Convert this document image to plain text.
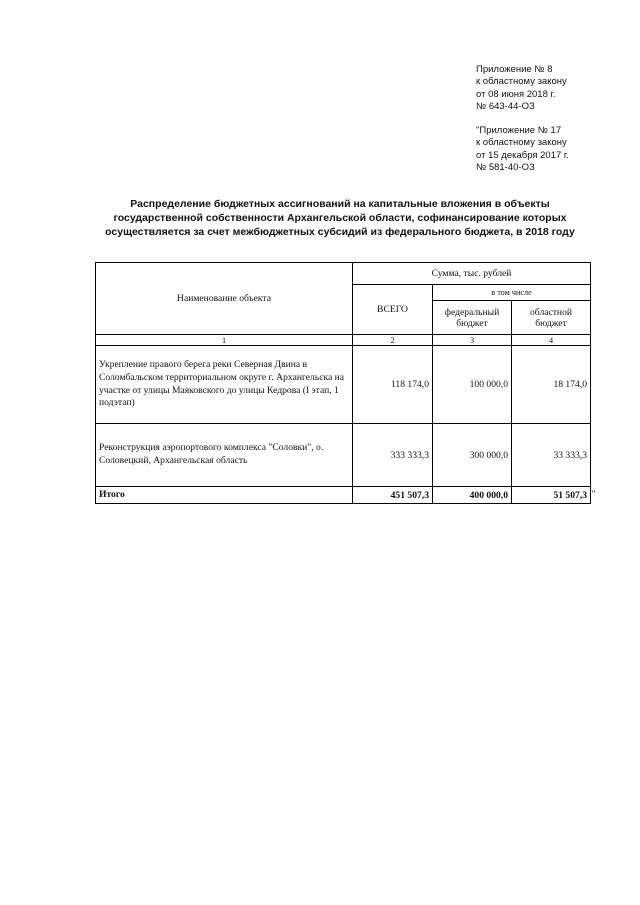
Приложение № 8
к областному закону
от 08 июня 2018 г.
№ 643-44-ОЗ
"Приложение № 17
к областному закону
от 15 декабря 2017 г.
№ 581-40-ОЗ
Распределение бюджетных ассигнований на капитальные вложения в объекты
государственной собственности Архангельской области, софинансирование которых
осуществляется за счет межбюджетных субсидий из федерального бюджета, в 2018 году
Наименование объекта	Сумма, тыс. рублей		
	ВСЕГО	в том числе	
		федеральный бюджет	областной бюджет
1	2	3	4
Укрепление правого берега реки Северная Двина в Соломбальском территориальном округе г. Архангельска на участке от улицы Маяковского до улицы Кедрова (I этап, 1 подэтап)	118 174,0	100 000,0	18 174,0
Реконструкция аэропортового комплекса "Соловки", о. Соловецкий, Архангельская область	333 333,3	300 000,0	33 333,3
Итого	451 507,3	400 000,0	51 507,3 "
